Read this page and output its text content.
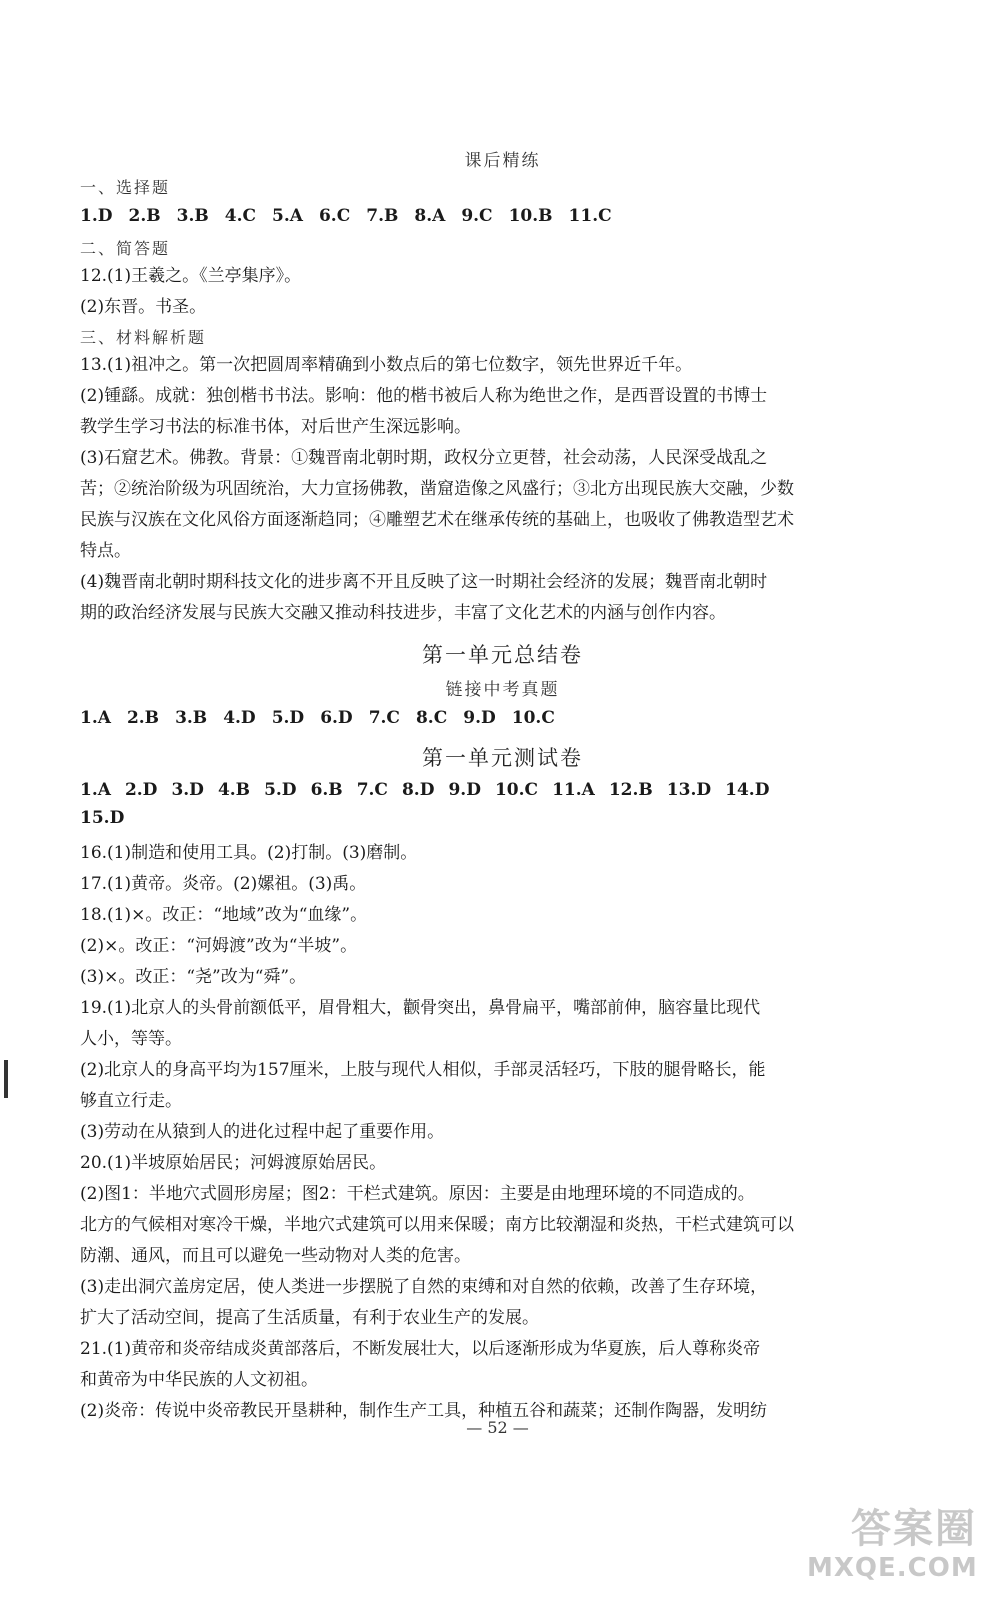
课后精练
一、选择题
1.D 2.B 3.B 4.C 5.A 6.C 7.B 8.A 9.C 10.B 11.C
二、简答题

12.(1)王羲之。《兰亭集序》。

(2)东晋。书圣。

三、材料解析题

13.(1)祖冲之。第一次把圆周率精确到小数点后的第七位数字，领先世界近千年。

(2)锺繇。成就：独创楷书书法。影响：他的楷书被后人称为绝世之作，是西晋设置的书博士

教学生学习书法的标准书体，对后世产生深远影响。

(3)石窟艺术。佛教。背景：①魏晋南北朝时期，政权分立更替，社会动荡，人民深受战乱之

苦；②统治阶级为巩固统治，大力宣扬佛教，凿窟造像之风盛行；③北方出现民族大交融，少数

民族与汉族在文化风俗方面逐渐趋同；④雕塑艺术在继承传统的基础上，也吸收了佛教造型艺术

特点。

(4)魏晋南北朝时期科技文化的进步离不开且反映了这一时期社会经济的发展；魏晋南北朝时

期的政治经济发展与民族大交融又推动科技进步，丰富了文化艺术的内涵与创作内容。

第一单元总结卷
链接中考真题
1.A 2.B 3.B 4.D 5.D 6.D 7.C 8.C 9.D 10.C
第一单元测试卷
1.A 2.D 3.D 4.B 5.D 6.B 7.C 8.D 9.D 10.C 11.A 12.B 13.D 14.D
15.D

16.(1)制造和使用工具。(2)打制。(3)磨制。

17.(1)黄帝。炎帝。(2)嫘祖。(3)禹。

18.(1)×。改正：“地域”改为“血缘”。

(2)×。改正：“河姆渡”改为“半坡”。

(3)×。改正：“尧”改为“舜”。

19.(1)北京人的头骨前额低平，眉骨粗大，颧骨突出，鼻骨扁平，嘴部前伸，脑容量比现代

人小，等等。

(2)北京人的身高平均为157厘米，上肢与现代人相似，手部灵活轻巧，下肢的腿骨略长，能

够直立行走。

(3)劳动在从猿到人的进化过程中起了重要作用。

20.(1)半坡原始居民；河姆渡原始居民。

(2)图1：半地穴式圆形房屋；图2：干栏式建筑。原因：主要是由地理环境的不同造成的。

北方的气候相对寒冷干燥，半地穴式建筑可以用来保暖；南方比较潮湿和炎热，干栏式建筑可以

防潮、通风，而且可以避免一些动物对人类的危害。

(3)走出洞穴盖房定居，使人类进一步摆脱了自然的束缚和对自然的依赖，改善了生存环境，

扩大了活动空间，提高了生活质量，有利于农业生产的发展。

21.(1)黄帝和炎帝结成炎黄部落后，不断发展壮大，以后逐渐形成为华夏族，后人尊称炎帝

和黄帝为中华民族的人文初祖。

(2)炎帝：传说中炎帝教民开垦耕种，制作生产工具，种植五谷和蔬菜；还制作陶器，发明纺

— 52 —
答案圈
MXQE.COM
